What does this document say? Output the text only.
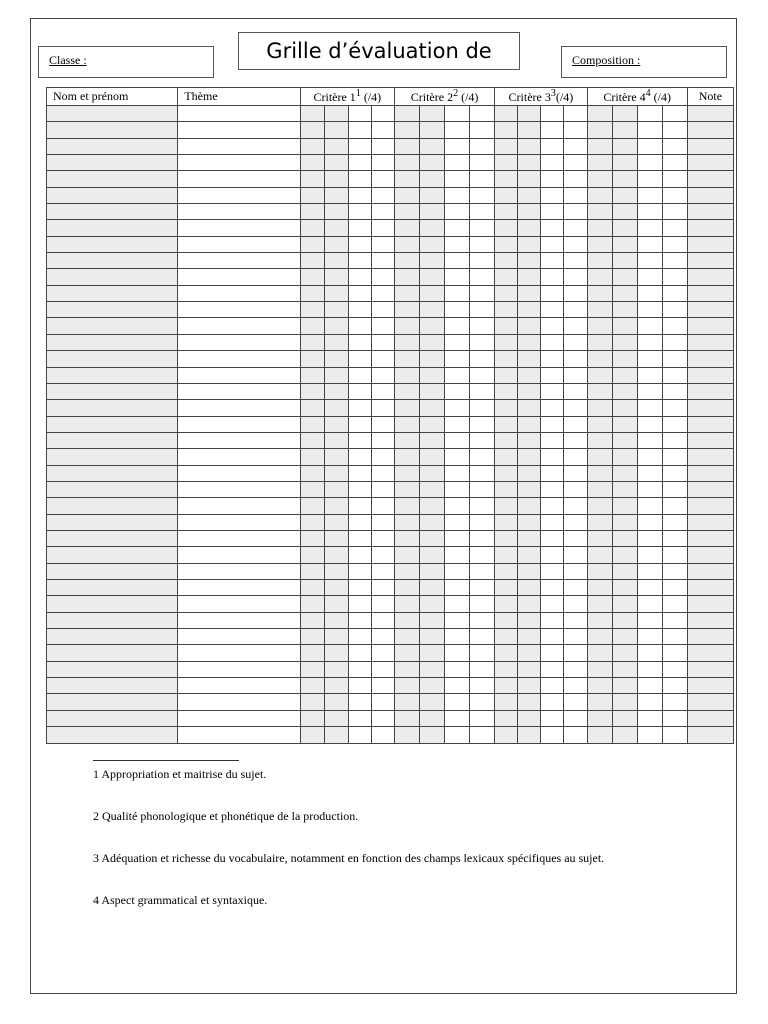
Classe :	Grille d’évaluation de	Composition :
Nom et prénom	Thème	Critère $1^1$ (/4)				Critère $2^2$ (/4)				Critère $3^3(/4)$				Critère $4^4$ (/4)				Note

1 Appropriation et maitrise du sujet.

2 Qualité phonologique et phonétique de la production.

3 Adéquation et richesse du vocabulaire, notamment en fonction des champs lexicaux spécifiques au sujet.

4 Aspect grammatical et syntaxique.
